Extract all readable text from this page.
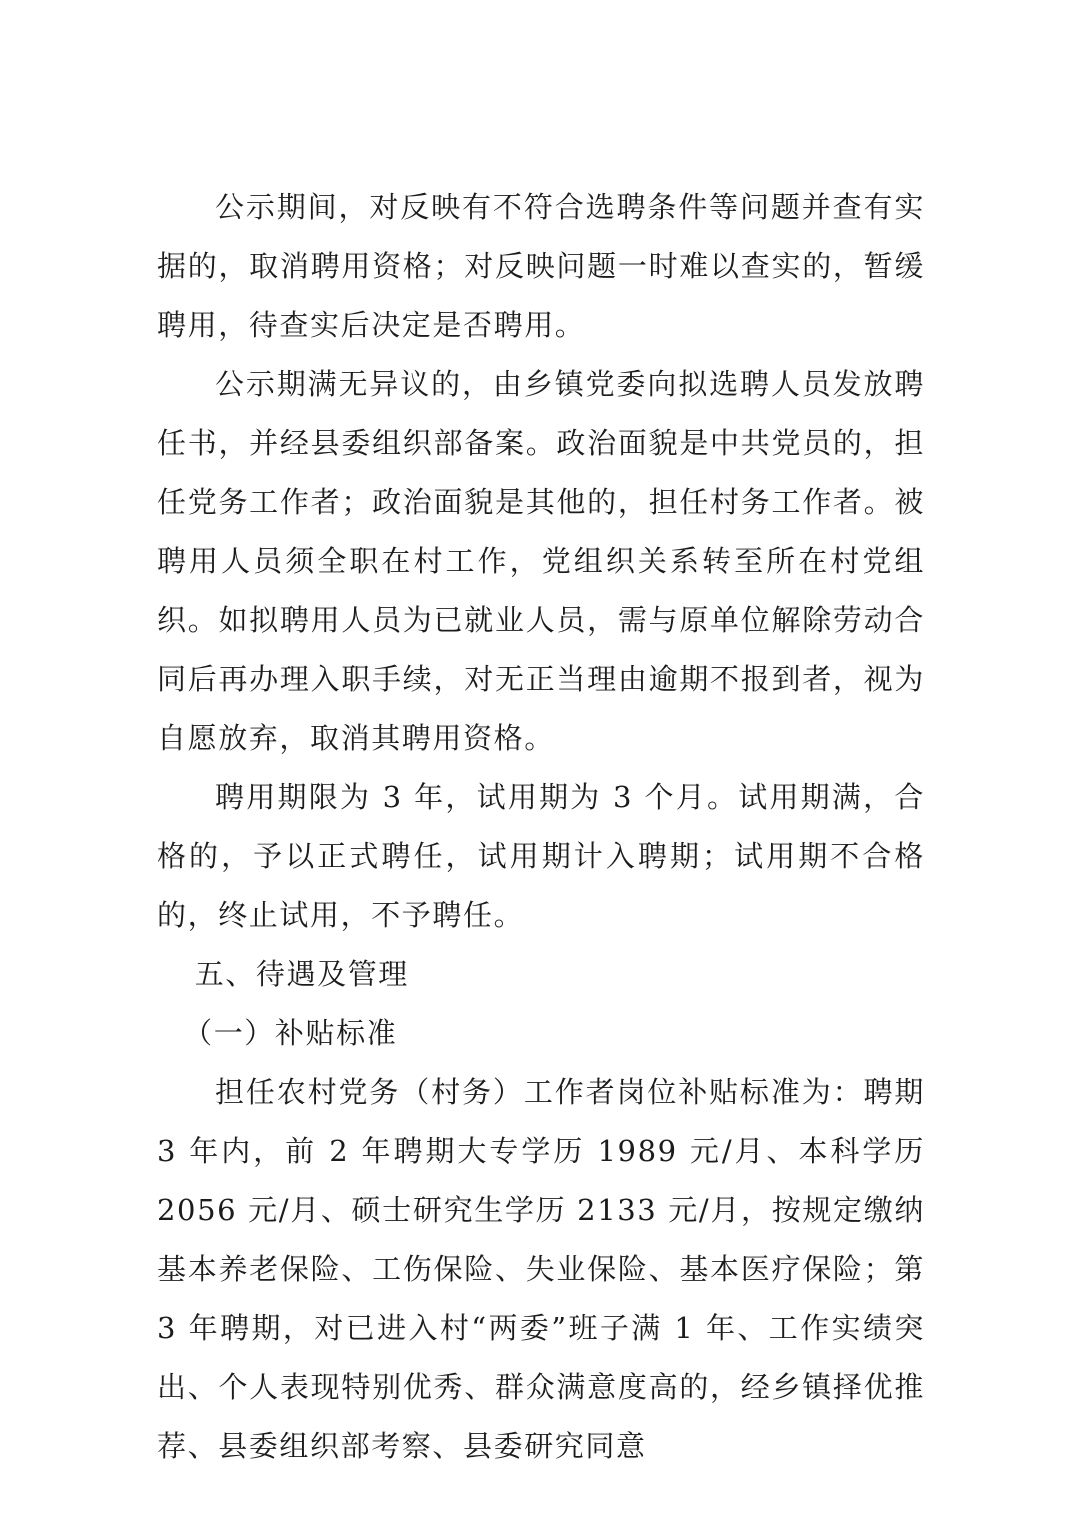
公示期间，对反映有不符合选聘条件等问题并查有实据的，取消聘用资格；对反映问题一时难以查实的，暂缓聘用，待查实后决定是否聘用。

公示期满无异议的，由乡镇党委向拟选聘人员发放聘任书，并经县委组织部备案。政治面貌是中共党员的，担任党务工作者；政治面貌是其他的，担任村务工作者。被聘用人员须全职在村工作，党组织关系转至所在村党组织。如拟聘用人员为已就业人员，需与原单位解除劳动合同后再办理入职手续，对无正当理由逾期不报到者，视为自愿放弃，取消其聘用资格。

聘用期限为 3 年，试用期为 3 个月。试用期满，合格的，予以正式聘任，试用期计入聘期；试用期不合格的，终止试用，不予聘任。

五、待遇及管理

（一）补贴标准

担任农村党务（村务）工作者岗位补贴标准为：聘期 3 年内，前 2 年聘期大专学历 1989 元/月、本科学历 2056 元/月、硕士研究生学历 2133 元/月，按规定缴纳基本养老保险、工伤保险、失业保险、基本医疗保险；第 3 年聘期，对已进入村“两委”班子满 1 年、工作实绩突出、个人表现特别优秀、群众满意度高的，经乡镇择优推荐、县委组织部考察、县委研究同意
